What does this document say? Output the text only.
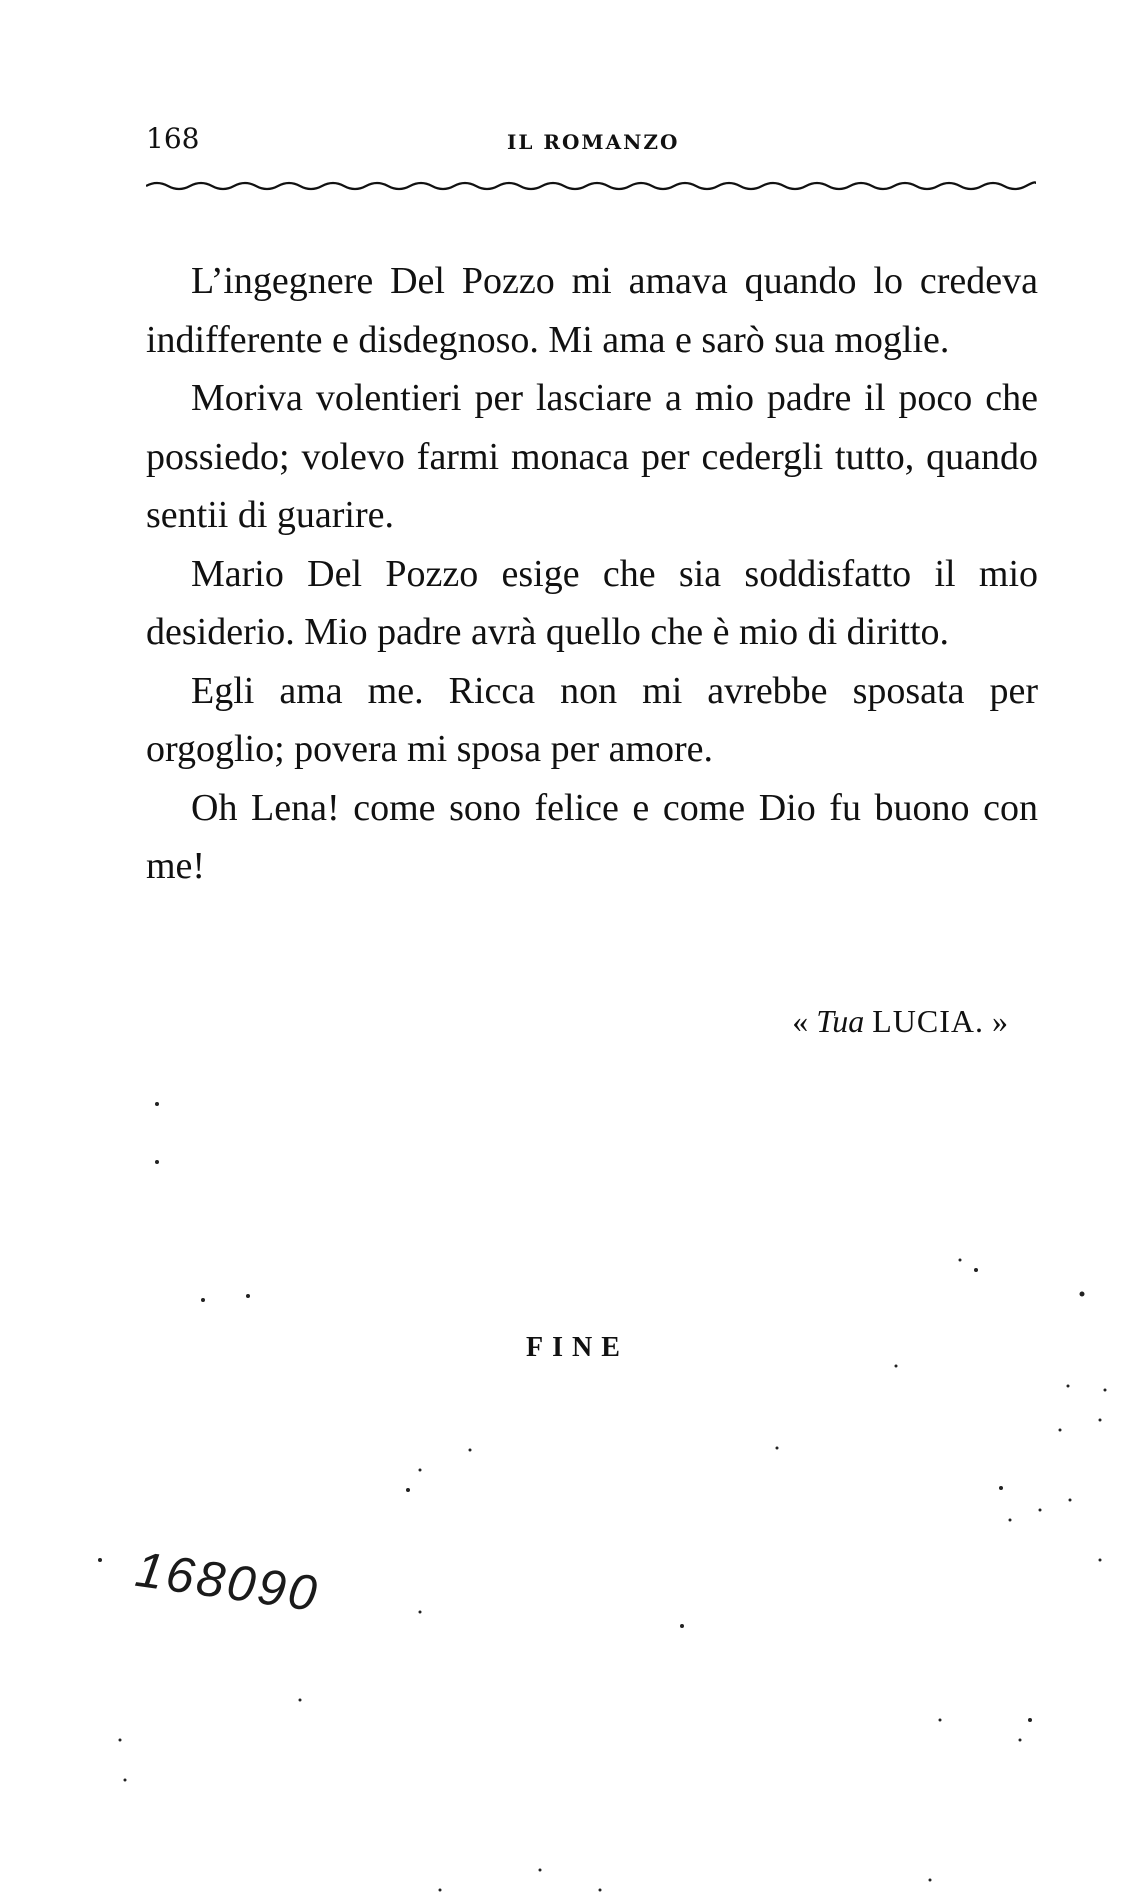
168	IL ROMANZO

L’ingegnere Del Pozzo mi amava quando lo credeva indifferente e disdegnoso. Mi ama e sarò sua moglie.

Moriva volentieri per lasciare a mio padre il poco che possiedo; volevo farmi monaca per cedergli tutto, quando sentii di guarire.

Mario Del Pozzo esige che sia soddisfatto il mio desiderio. Mio padre avrà quello che è mio di diritto.

Egli ama me. Ricca non mi avrebbe sposata per orgoglio; povera mi sposa per amore.

Oh Lena! come sono felice e come Dio fu buono con me!

« Tua LUCIA. »
FINE
168090
